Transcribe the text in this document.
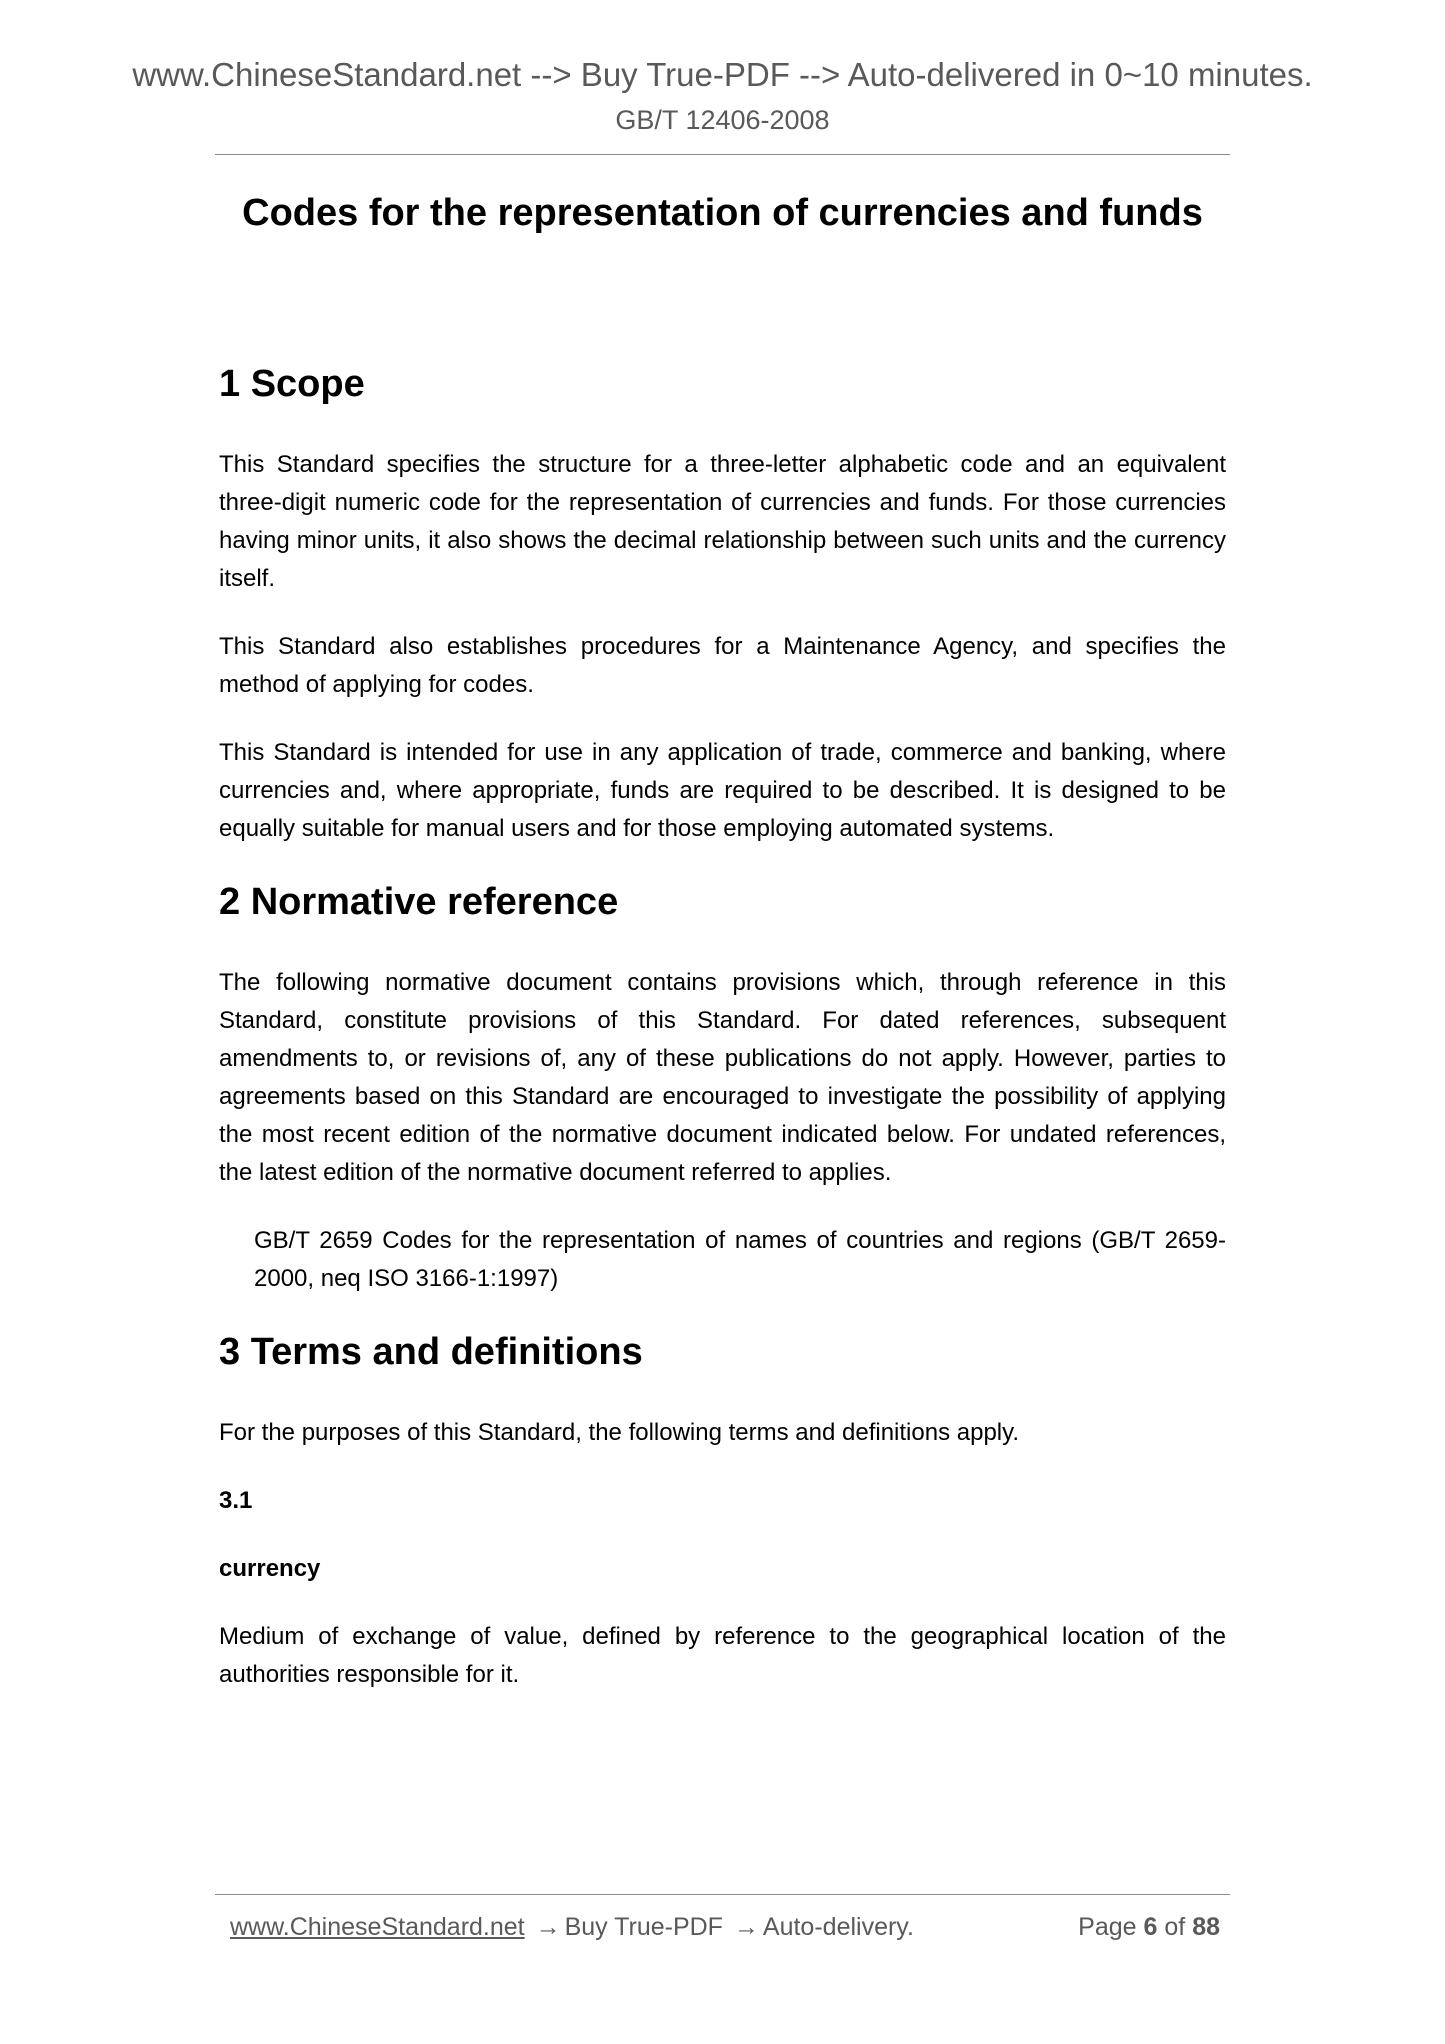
www.ChineseStandard.net --> Buy True-PDF --> Auto-delivered in 0~10 minutes.
GB/T 12406-2008
Codes for the representation of currencies and funds
1 Scope

This Standard specifies the structure for a three-letter alphabetic code and an equivalent three-digit numeric code for the representation of currencies and funds. For those currencies having minor units, it also shows the decimal relationship between such units and the currency itself.

This Standard also establishes procedures for a Maintenance Agency, and specifies the method of applying for codes.

This Standard is intended for use in any application of trade, commerce and banking, where currencies and, where appropriate, funds are required to be described. It is designed to be equally suitable for manual users and for those employing automated systems.

2 Normative reference

The following normative document contains provisions which, through reference in this Standard, constitute provisions of this Standard. For dated references, subsequent amendments to, or revisions of, any of these publications do not apply. However, parties to agreements based on this Standard are encouraged to investigate the possibility of applying the most recent edition of the normative document indicated below. For undated references, the latest edition of the normative document referred to applies.

GB/T 2659 Codes for the representation of names of countries and regions (GB/T 2659-2000, neq ISO 3166-1:1997)

3 Terms and definitions

For the purposes of this Standard, the following terms and definitions apply.

3.1

currency

Medium of exchange of value, defined by reference to the geographical location of the authorities responsible for it.

www.ChineseStandard.net → Buy True-PDF → Auto-delivery.	Page 6 of 88
